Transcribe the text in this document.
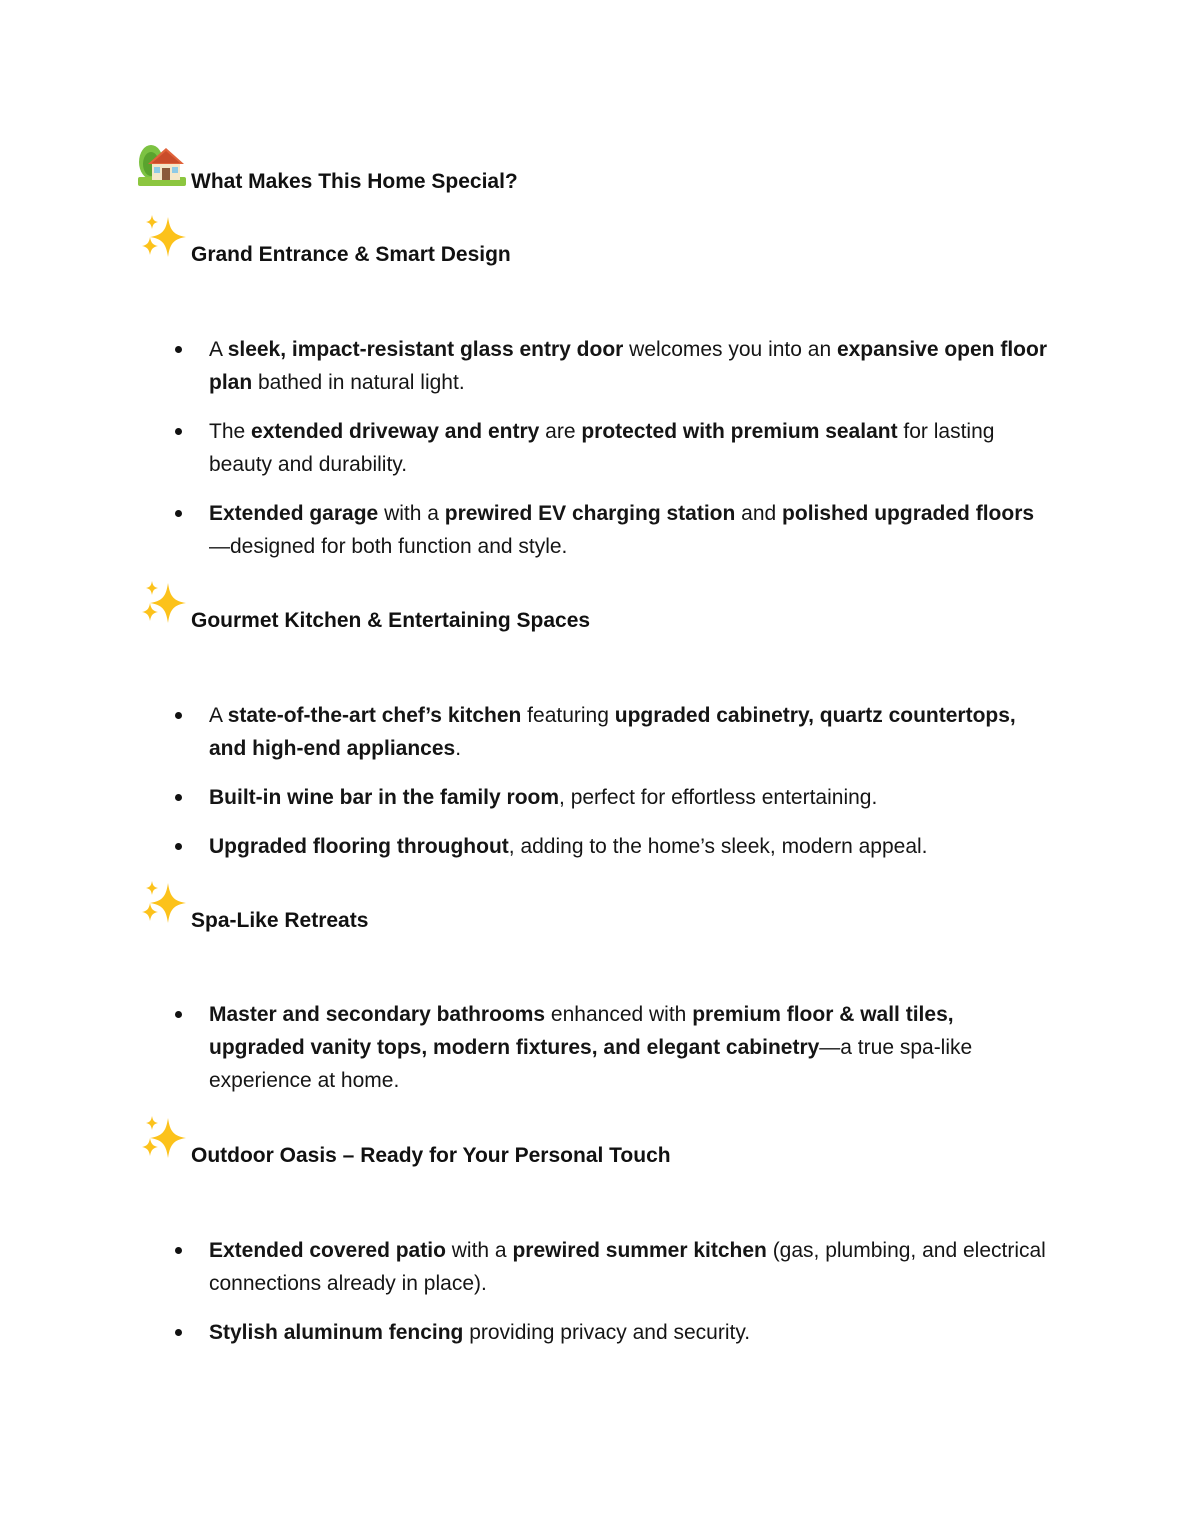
What Makes This Home Special?
Grand Entrance & Smart Design
A sleek, impact-resistant glass entry door welcomes you into an expansive open floor plan bathed in natural light.
The extended driveway and entry are protected with premium sealant for lasting beauty and durability.
Extended garage with a prewired EV charging station and polished upgraded floors—designed for both function and style.
Gourmet Kitchen & Entertaining Spaces
A state-of-the-art chef’s kitchen featuring upgraded cabinetry, quartz countertops, and high-end appliances.
Built-in wine bar in the family room, perfect for effortless entertaining.
Upgraded flooring throughout, adding to the home’s sleek, modern appeal.
Spa-Like Retreats
Master and secondary bathrooms enhanced with premium floor & wall tiles, upgraded vanity tops, modern fixtures, and elegant cabinetry—a true spa-like experience at home.
Outdoor Oasis – Ready for Your Personal Touch
Extended covered patio with a prewired summer kitchen (gas, plumbing, and electrical connections already in place).
Stylish aluminum fencing providing privacy and security.
